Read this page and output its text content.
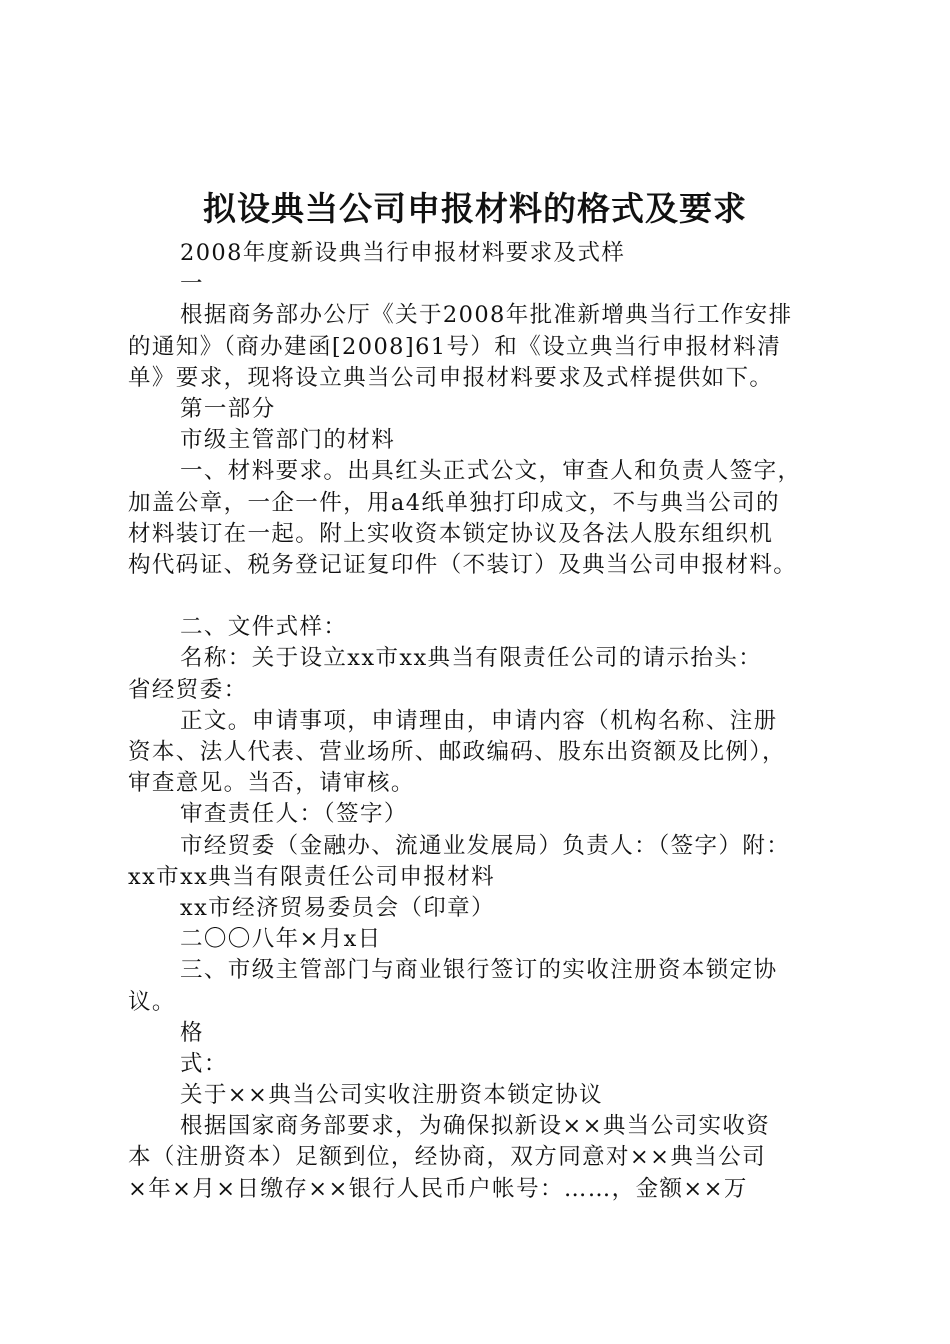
拟设典当公司申报材料的格式及要求
2008年度新设典当行申报材料要求及式样
一
根据商务部办公厅《关于2008年批准新增典当行工作安排
的通知》（商办建函[2008]61号）和《设立典当行申报材料清
单》要求，现将设立典当公司申报材料要求及式样提供如下。
第一部分
市级主管部门的材料
一、材料要求。出具红头正式公文，审查人和负责人签字，
加盖公章，一企一件，用a4纸单独打印成文，不与典当公司的
材料装订在一起。附上实收资本锁定协议及各法人股东组织机
构代码证、税务登记证复印件（不装订）及典当公司申报材料。
二、文件式样：
名称：关于设立xx市xx典当有限责任公司的请示抬头：
省经贸委：
正文。申请事项，申请理由，申请内容（机构名称、注册
资本、法人代表、营业场所、邮政编码、股东出资额及比例），
审查意见。当否，请审核。
审查责任人：（签字）
市经贸委（金融办、流通业发展局）负责人：（签字）附：
xx市xx典当有限责任公司申报材料
xx市经济贸易委员会（印章）
二〇〇八年×月x日
三、市级主管部门与商业银行签订的实收注册资本锁定协
议。
格
式：
关于××典当公司实收注册资本锁定协议
根据国家商务部要求，为确保拟新设××典当公司实收资
本（注册资本）足额到位，经协商，双方同意对××典当公司
×年×月×日缴存××银行人民币户帐号：……，金额××万
